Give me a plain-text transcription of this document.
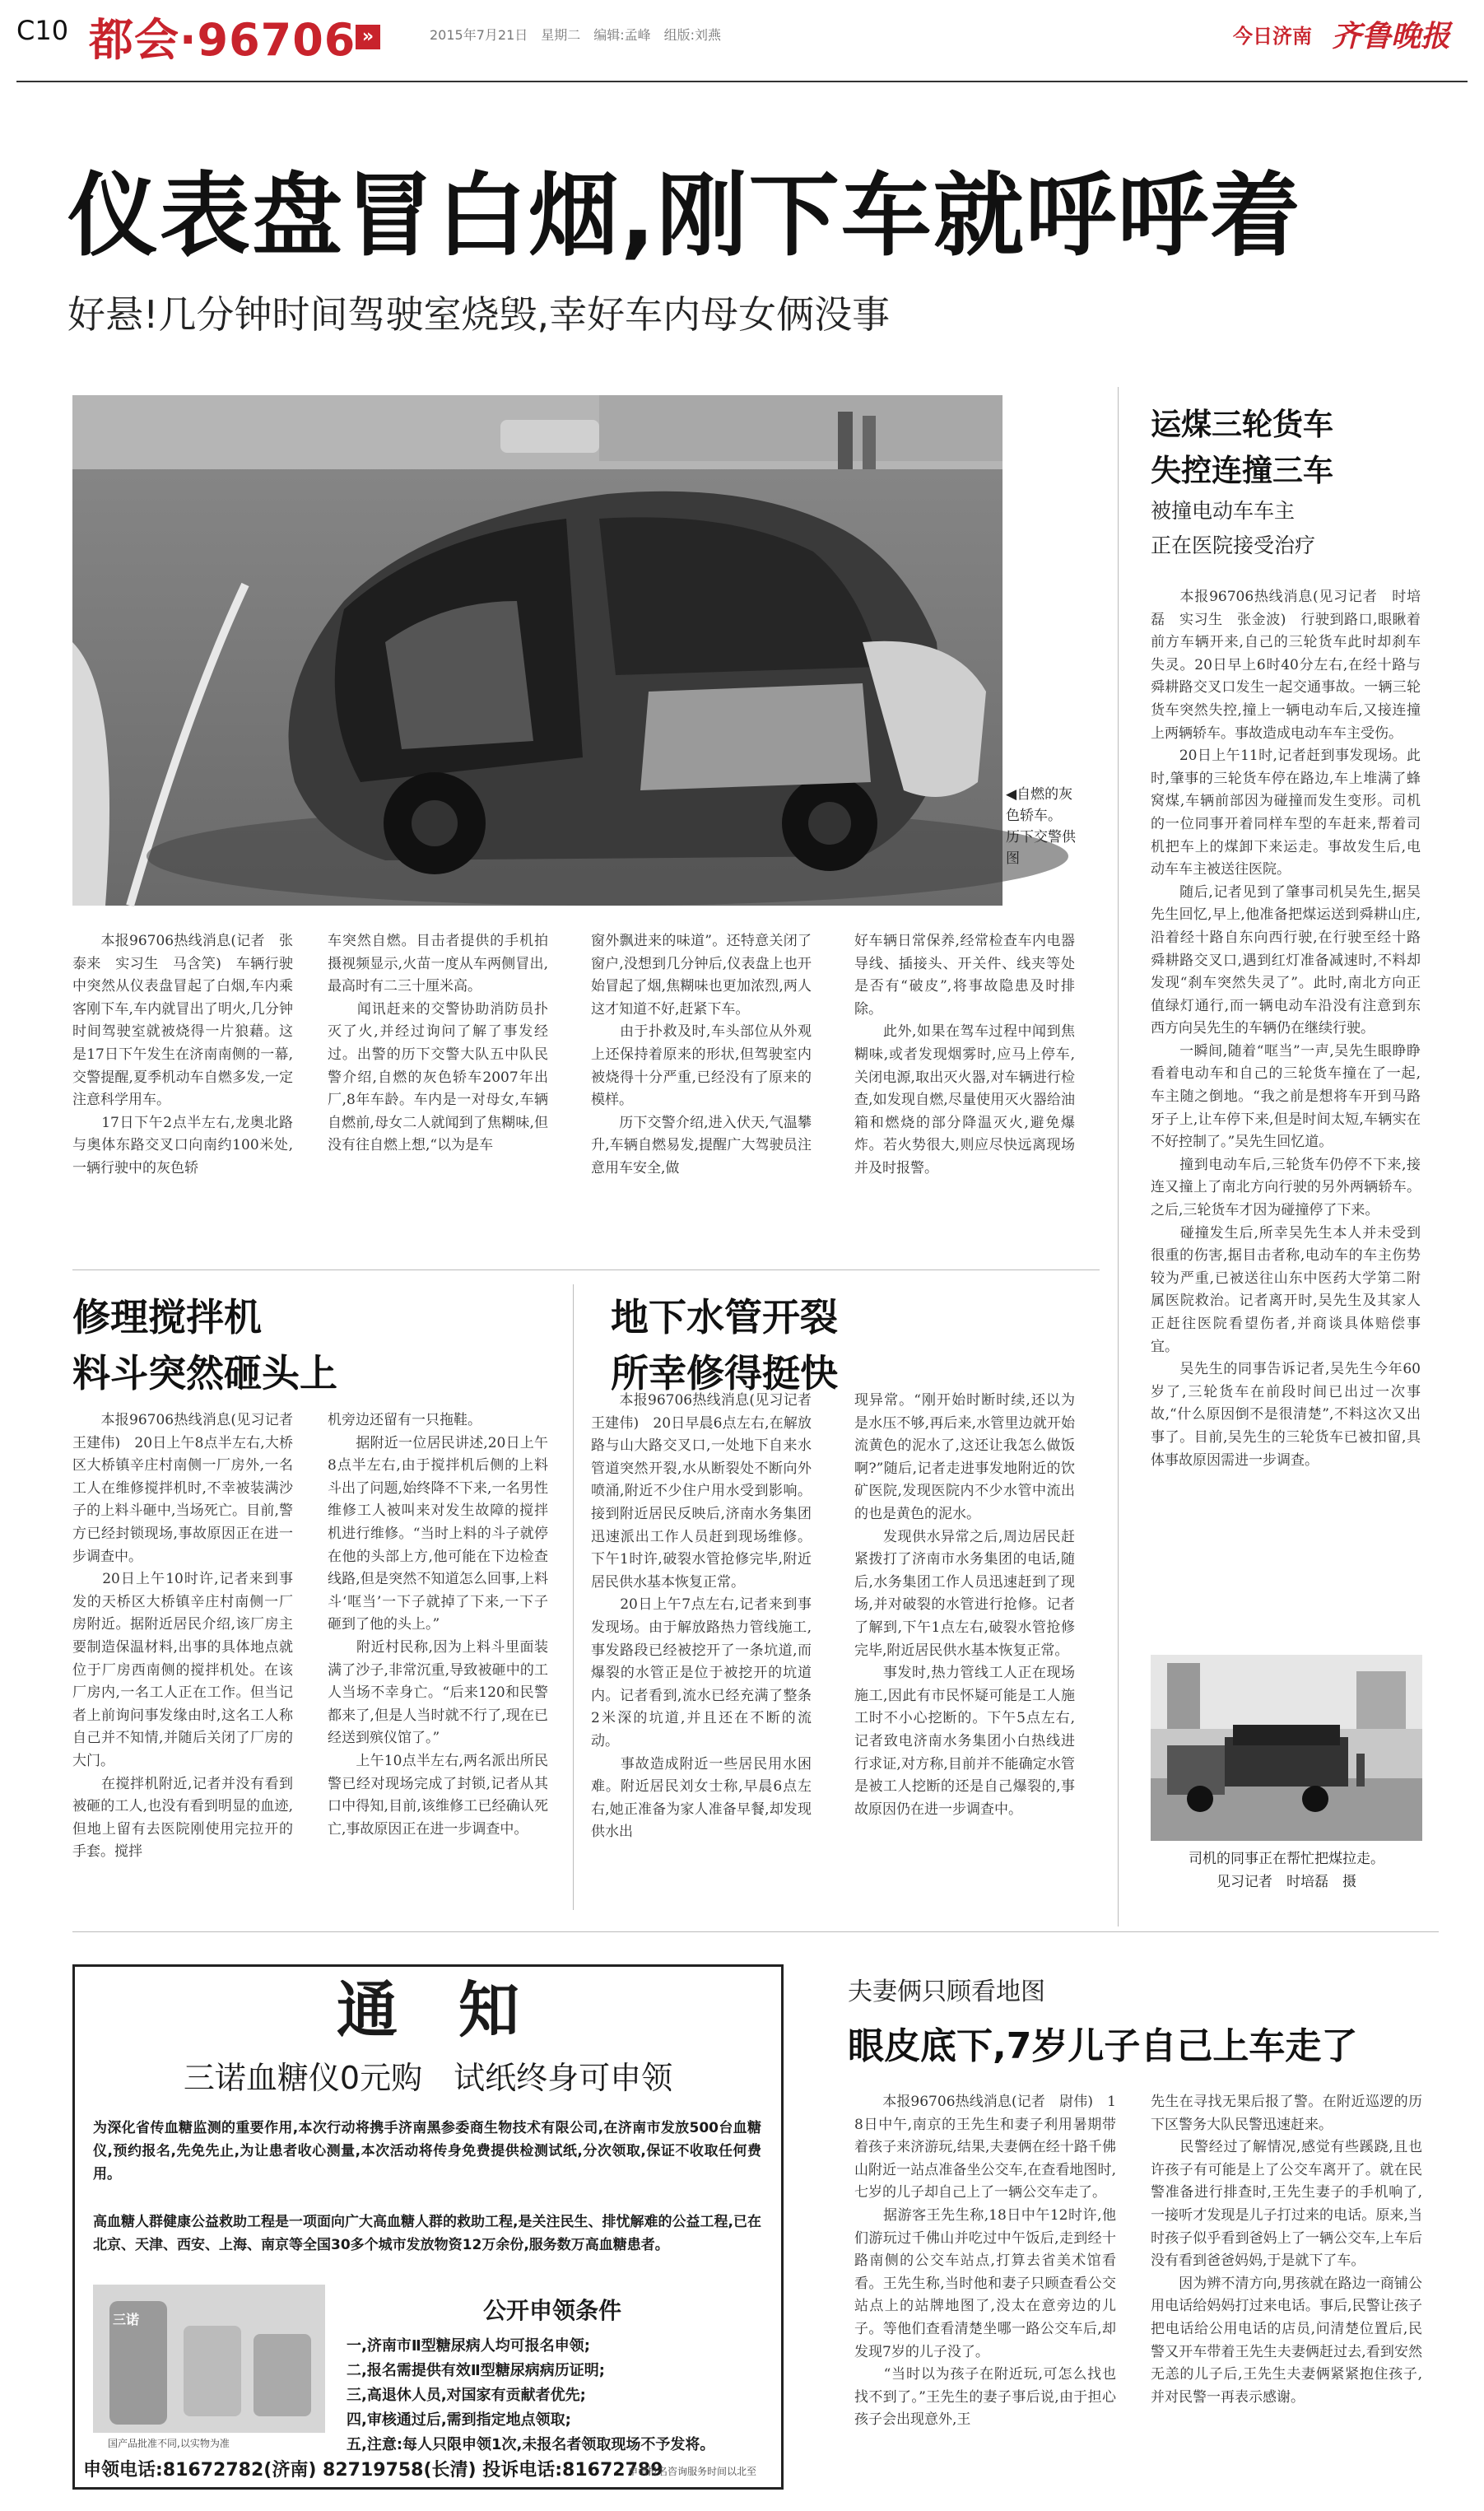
C10 都会·96706 »	2015年7月21日　星期二　编辑:孟峰　组版:刘燕	今日济南 齐鲁晚报
仪表盘冒白烟,刚下车就呼呼着
好悬!几分钟时间驾驶室烧毁,幸好车内母女俩没事
◀自燃的灰色轿车。　历下交警供图
　　本报96706热线消息(记者　张泰来　实习生　马含笑)　车辆行驶中突然从仪表盘冒起了白烟,车内乘客刚下车,车内就冒出了明火,几分钟时间驾驶室就被烧得一片狼藉。这是17日下午发生在济南南侧的一幕,交警提醒,夏季机动车自燃多发,一定注意科学用车。
　　17日下午2点半左右,龙奥北路与奥体东路交叉口向南约100米处,一辆行驶中的灰色轿
车突然自燃。目击者提供的手机拍摄视频显示,火苗一度从车两侧冒出,最高时有二三十厘米高。
　　闻讯赶来的交警协助消防员扑灭了火,并经过询问了解了事发经过。出警的历下交警大队五中队民警介绍,自燃的灰色轿车2007年出厂,8年车龄。车内是一对母女,车辆自燃前,母女二人就闻到了焦糊味,但没有往自燃上想,“以为是车
窗外飘进来的味道”。还特意关闭了窗户,没想到几分钟后,仪表盘上也开始冒起了烟,焦糊味也更加浓烈,两人这才知道不好,赶紧下车。
　　由于扑救及时,车头部位从外观上还保持着原来的形状,但驾驶室内被烧得十分严重,已经没有了原来的模样。
　　历下交警介绍,进入伏天,气温攀升,车辆自燃易发,提醒广大驾驶员注意用车安全,做
好车辆日常保养,经常检查车内电器导线、插接头、开关件、线夹等处是否有“破皮”,将事故隐患及时排除。
　　此外,如果在驾车过程中闻到焦糊味,或者发现烟雾时,应马上停车,关闭电源,取出灭火器,对车辆进行检查,如发现自燃,尽量使用灭火器给油箱和燃烧的部分降温灭火,避免爆炸。若火势很大,则应尽快远离现场并及时报警。
运煤三轮货车
失控连撞三车
被撞电动车车主
正在医院接受治疗
　　本报96706热线消息(见习记者　时培磊　实习生　张金波)　行驶到路口,眼瞅着前方车辆开来,自己的三轮货车此时却刹车失灵。20日早上6时40分左右,在经十路与舜耕路交叉口发生一起交通事故。一辆三轮货车突然失控,撞上一辆电动车后,又接连撞上两辆轿车。事故造成电动车车主受伤。
　　20日上午11时,记者赶到事发现场。此时,肇事的三轮货车停在路边,车上堆满了蜂窝煤,车辆前部因为碰撞而发生变形。司机的一位同事开着同样车型的车赶来,帮着司机把车上的煤卸下来运走。事故发生后,电动车车主被送往医院。
　　随后,记者见到了肇事司机吴先生,据吴先生回忆,早上,他准备把煤运送到舜耕山庄,沿着经十路自东向西行驶,在行驶至经十路舜耕路交叉口,遇到红灯准备减速时,不料却发现“刹车突然失灵了”。此时,南北方向正值绿灯通行,而一辆电动车沿没有注意到东西方向吴先生的车辆仍在继续行驶。
　　一瞬间,随着“哐当”一声,吴先生眼睁睁看着电动车和自己的三轮货车撞在了一起,车主随之倒地。“我之前是想将车开到马路牙子上,让车停下来,但是时间太短,车辆实在不好控制了。”吴先生回忆道。
　　撞到电动车后,三轮货车仍停不下来,接连又撞上了南北方向行驶的另外两辆轿车。之后,三轮货车才因为碰撞停了下来。
　　碰撞发生后,所幸吴先生本人并未受到很重的伤害,据目击者称,电动车的车主伤势较为严重,已被送往山东中医药大学第二附属医院救治。记者离开时,吴先生及其家人正赶往医院看望伤者,并商谈具体赔偿事宜。
　　吴先生的同事告诉记者,吴先生今年60岁了,三轮货车在前段时间已出过一次事故,“什么原因倒不是很清楚”,不料这次又出事了。目前,吴先生的三轮货车已被扣留,具体事故原因需进一步调查。
司机的同事正在帮忙把煤拉走。
见习记者　时培磊　摄
修理搅拌机
料斗突然砸头上
　　本报96706热线消息(见习记者　王建伟)　20日上午8点半左右,大桥区大桥镇辛庄村南侧一厂房外,一名工人在维修搅拌机时,不幸被装满沙子的上料斗砸中,当场死亡。目前,警方已经封锁现场,事故原因正在进一步调查中。
　　20日上午10时许,记者来到事发的天桥区大桥镇辛庄村南侧一厂房附近。据附近居民介绍,该厂房主要制造保温材料,出事的具体地点就位于厂房西南侧的搅拌机处。在该厂房内,一名工人正在工作。但当记者上前询问事发缘由时,这名工人称自己并不知情,并随后关闭了厂房的大门。
　　在搅拌机附近,记者并没有看到被砸的工人,也没有看到明显的血迹,但地上留有去医院刚使用完拉开的手套。搅拌
机旁边还留有一只拖鞋。
　　据附近一位居民讲述,20日上午8点半左右,由于搅拌机后侧的上料斗出了问题,始终降不下来,一名男性维修工人被叫来对发生故障的搅拌机进行维修。“当时上料的斗子就停在他的头部上方,他可能在下边检查线路,但是突然不知道怎么回事,上料斗‘哐当’一下子就掉了下来,一下子砸到了他的头上。”
　　附近村民称,因为上料斗里面装满了沙子,非常沉重,导致被砸中的工人当场不幸身亡。“后来120和民警都来了,但是人当时就不行了,现在已经送到殡仪馆了。”
　　上午10点半左右,两名派出所民警已经对现场完成了封锁,记者从其口中得知,目前,该维修工已经确认死亡,事故原因正在进一步调查中。
地下水管开裂
所幸修得挺快
　　本报96706热线消息(见习记者　王建伟)　20日早晨6点左右,在解放路与山大路交叉口,一处地下自来水管道突然开裂,水从断裂处不断向外喷涌,附近不少住户用水受到影响。接到附近居民反映后,济南水务集团迅速派出工作人员赶到现场维修。下午1时许,破裂水管抢修完毕,附近居民供水基本恢复正常。
　　20日上午7点左右,记者来到事发现场。由于解放路热力管线施工,事发路段已经被挖开了一条坑道,而爆裂的水管正是位于被挖开的坑道内。记者看到,流水已经充满了整条2米深的坑道,并且还在不断的流动。
　　事故造成附近一些居民用水困难。附近居民刘女士称,早晨6点左右,她正准备为家人准备早餐,却发现供水出
现异常。“刚开始时断时续,还以为是水压不够,再后来,水管里边就开始流黄色的泥水了,这还让我怎么做饭啊?”随后,记者走进事发地附近的饮矿医院,发现医院内不少水管中流出的也是黄色的泥水。
　　发现供水异常之后,周边居民赶紧拨打了济南市水务集团的电话,随后,水务集团工作人员迅速赶到了现场,并对破裂的水管进行抢修。记者了解到,下午1点左右,破裂水管抢修完毕,附近居民供水基本恢复正常。
　　事发时,热力管线工人正在现场施工,因此有市民怀疑可能是工人施工时不小心挖断的。下午5点左右,记者致电济南水务集团小白热线进行求证,对方称,目前并不能确定水管是被工人挖断的还是自己爆裂的,事故原因仍在进一步调查中。
通　知
三诺血糖仪0元购　试纸终身可申领
为深化省传血糖监测的重要作用,本次行动将携手济南黑参委商生物技术有限公司,在济南市发放500台血糖仪,预约报名,先免先止,为让患者收心测量,本次活动将传身免费提供检测试纸,分次领取,保证不收取任何费用。
高血糖人群健康公益救助工程是一项面向广大高血糖人群的救助工程,是关注民生、排忧解难的公益工程,已在北京、天津、西安、上海、南京等全国30多个城市发放物资12万余份,服务数万高血糖患者。
三诺
国产品批准不同,以实物为准
公开申领条件
一,济南市Ⅱ型糖尿病人均可报名申领;
二,报名需提供有效Ⅱ型糖尿病病历证明;
三,高退休人员,对国家有贡献者优先;
四,审核通过后,需到指定地点领取;
五,注意:每人只限申领1次,未报名者领取现场不予发将。
申领电话:81672782(济南) 82719758(长清) 投诉电话:81672789
申请报名咨询服务时间以北至
夫妻俩只顾看地图
眼皮底下,7岁儿子自己上车走了
　　本报96706热线消息(记者　尉伟)　18日中午,南京的王先生和妻子利用暑期带着孩子来济游玩,结果,夫妻俩在经十路千佛山附近一站点准备坐公交车,在查看地图时,七岁的儿子却自己上了一辆公交车走了。
　　据游客王先生称,18日中午12时许,他们游玩过千佛山并吃过中午饭后,走到经十路南侧的公交车站点,打算去省美术馆看看。王先生称,当时他和妻子只顾查看公交站点上的站牌地图了,没太在意旁边的儿子。等他们查看清楚坐哪一路公交车后,却发现7岁的儿子没了。
　　“当时以为孩子在附近玩,可怎么找也找不到了。”王先生的妻子事后说,由于担心孩子会出现意外,王
先生在寻找无果后报了警。在附近巡逻的历下区警务大队民警迅速赶来。
　　民警经过了解情况,感觉有些蹊跷,且也许孩子有可能是上了公交车离开了。就在民警准备进行排查时,王先生妻子的手机响了,一接听才发现是儿子打过来的电话。原来,当时孩子似乎看到爸妈上了一辆公交车,上车后没有看到爸爸妈妈,于是就下了车。
　　因为辨不清方向,男孩就在路边一商铺公用电话给妈妈打过来电话。事后,民警让孩子把电话给公用电话的店员,问清楚位置后,民警又开车带着王先生夫妻俩赶过去,看到安然无恙的儿子后,王先生夫妻俩紧紧抱住孩子,并对民警一再表示感谢。
